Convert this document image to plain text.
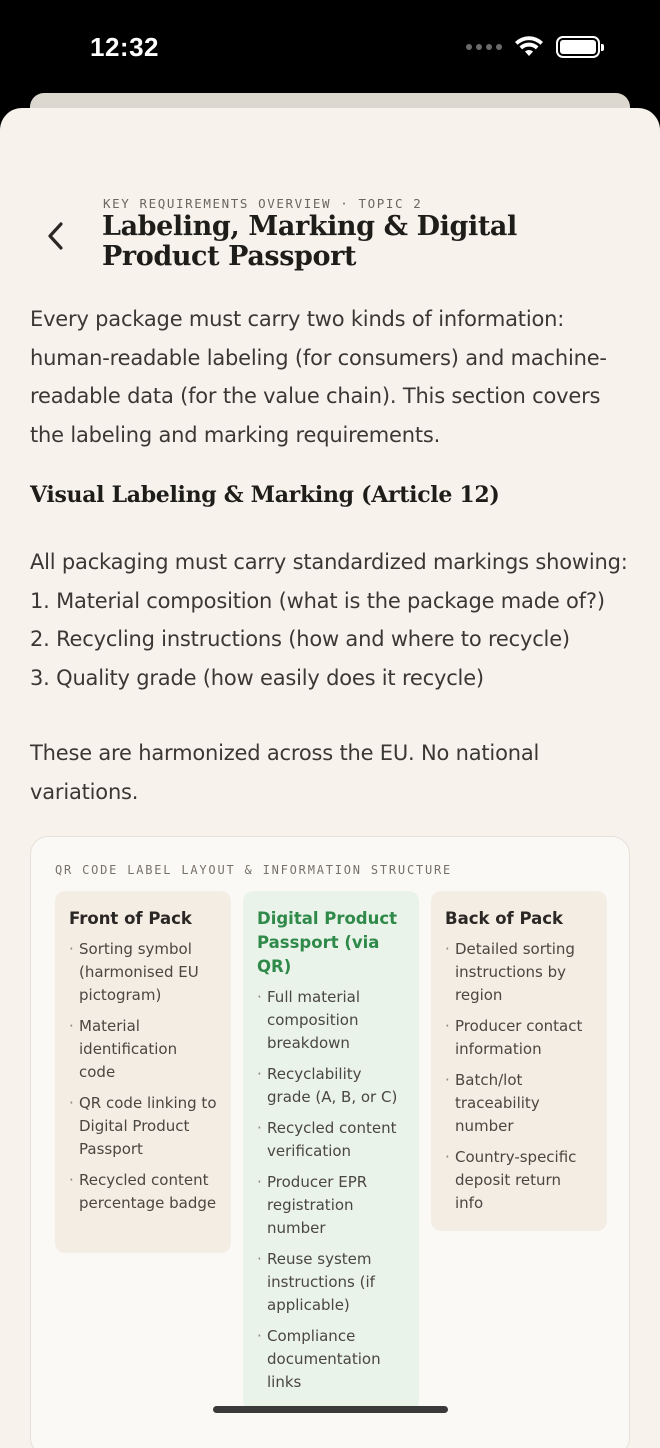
12:32
KEY REQUIREMENTS OVERVIEW · TOPIC 2
Labeling, Marking & Digital Product Passport

Every package must carry two kinds of information: human-readable labeling (for consumers) and machine-readable data (for the value chain). This section covers the labeling and marking requirements.

Visual Labeling & Marking (Article 12)
All packaging must carry standardized markings showing:
1. Material composition (what is the package made of?)
2. Recycling instructions (how and where to recycle)
3. Quality grade (how easily does it recycle)

These are harmonized across the EU. No national variations.

QR CODE LABEL LAYOUT & INFORMATION STRUCTURE
Front of Pack
· Sorting symbol (harmonised EU pictogram)
· Material identification code
· QR code linking to Digital Product Passport
· Recycled content percentage badge
Digital Product Passport (via QR)
· Full material composition breakdown
· Recyclability grade (A, B, or C)
· Recycled content verification
· Producer EPR registration number
· Reuse system instructions (if applicable)
· Compliance documentation links
Back of Pack
· Detailed sorting instructions by region
· Producer contact information
· Batch/lot traceability number
· Country-specific deposit return info
